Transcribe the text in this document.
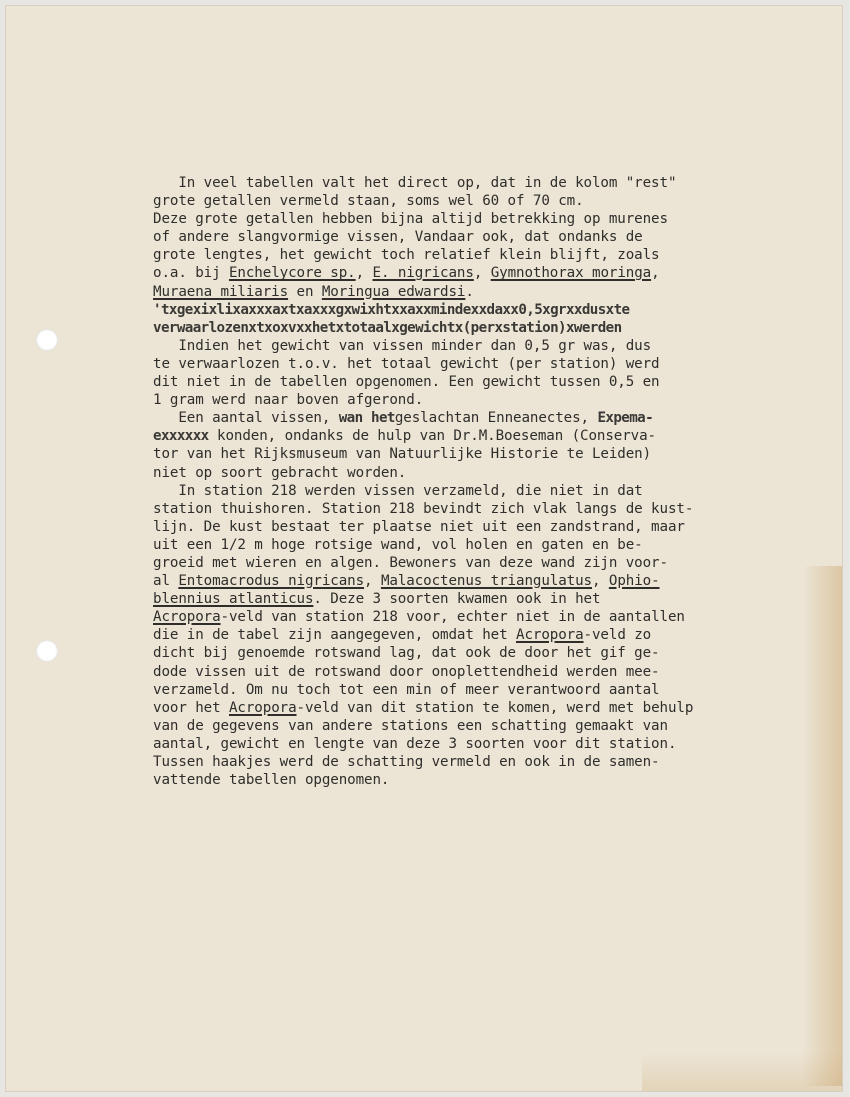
In veel tabellen valt het direct op, dat in de kolom "rest"
grote getallen vermeld staan, soms wel 60 of 70 cm.
Deze grote getallen hebben bijna altijd betrekking op murenes
of andere slangvormige vissen, Vandaar ook, dat ondanks de
grote lengtes, het gewicht toch relatief klein blijft, zoals
o.a. bij Enchelycore sp., E. nigricans, Gymnothorax moringa,
Muraena miliaris en Moringua edwardsi.
'txgexixlixaxxxaxtxaxxxgxwixhtxxaxxmindexxdaxx0,5xgrxxdusxte
verwaarlozenxtxoxvxxhetxtotaalxgewichtx(perxstation)xwerden
Indien het gewicht van vissen minder dan 0,5 gr was, dus
te verwaarlozen t.o.v. het totaal gewicht (per station) werd
dit niet in de tabellen opgenomen. Een gewicht tussen 0,5 en
1 gram werd naar boven afgerond.
Een aantal vissen, wan hetgeslachtan Enneanectes, Expema-
exxxxxx konden, ondanks de hulp van Dr.M.Boeseman (Conserva-
tor van het Rijksmuseum van Natuurlijke Historie te Leiden)
niet op soort gebracht worden.
In station 218 werden vissen verzameld, die niet in dat
station thuishoren. Station 218 bevindt zich vlak langs de kust-
lijn. De kust bestaat ter plaatse niet uit een zandstrand, maar
uit een 1/2 m hoge rotsige wand, vol holen en gaten en be-
groeid met wieren en algen. Bewoners van deze wand zijn voor-
al Entomacrodus nigricans, Malacoctenus triangulatus, Ophio-
blennius atlanticus. Deze 3 soorten kwamen ook in het
Acropora-veld van station 218 voor, echter niet in de aantallen
die in de tabel zijn aangegeven, omdat het Acropora-veld zo
dicht bij genoemde rotswand lag, dat ook de door het gif ge-
dode vissen uit de rotswand door onoplettendheid werden mee-
verzameld. Om nu toch tot een min of meer verantwoord aantal
voor het Acropora-veld van dit station te komen, werd met behulp
van de gegevens van andere stations een schatting gemaakt van
aantal, gewicht en lengte van deze 3 soorten voor dit station.
Tussen haakjes werd de schatting vermeld en ook in de samen-
vattende tabellen opgenomen.
